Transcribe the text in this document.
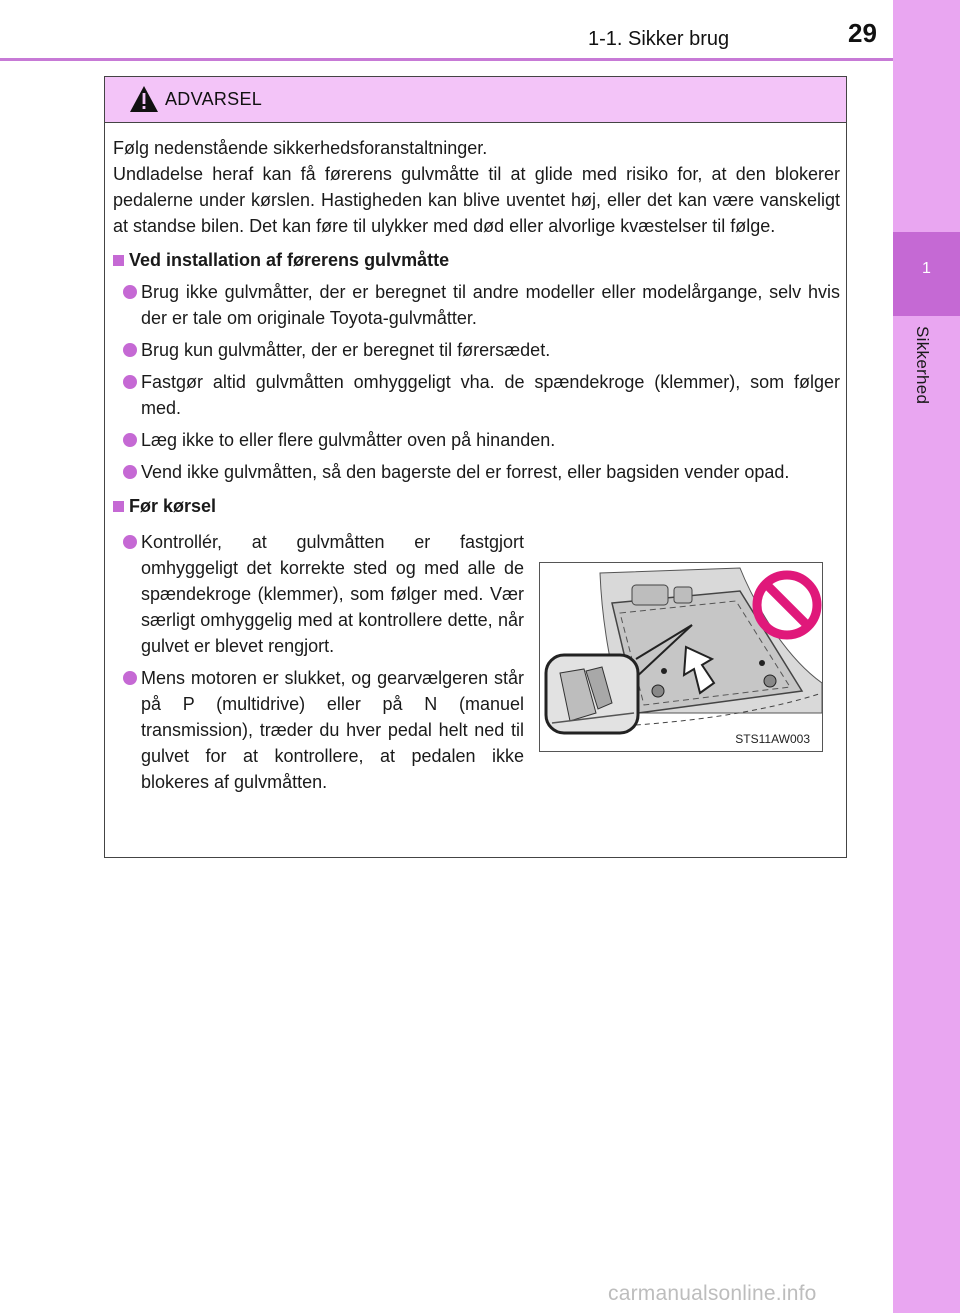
1-1. Sikker brug	29
1
Sikkerhed
ADVARSEL

Følg nedenstående sikkerhedsforanstaltninger.

Undladelse heraf kan få førerens gulvmåtte til at glide med risiko for, at den blokerer pedalerne under kørslen. Hastigheden kan blive uventet høj, eller det kan være vanskeligt at standse bilen. Det kan føre til ulykker med død eller alvorlige kvæstelser til følge.

Ved installation af førerens gulvmåtte
Brug ikke gulvmåtter, der er beregnet til andre modeller eller modelårgange, selv hvis der er tale om originale Toyota-gulvmåtter.
Brug kun gulvmåtter, der er beregnet til førersædet.
Fastgør altid gulvmåtten omhyggeligt vha. de spændekroge (klemmer), som følger med.
Læg ikke to eller flere gulvmåtter oven på hinanden.
Vend ikke gulvmåtten, så den bagerste del er forrest, eller bagsiden vender opad.
Før kørsel
Kontrollér, at gulvmåtten er fastgjort omhyggeligt det korrekte sted og med alle de spændekroge (klemmer), som følger med. Vær særligt omhyggelig med at kontrollere dette, når gulvet er blevet rengjort.
Mens motoren er slukket, og gearvælgeren står på P (multidrive) eller på N (manuel transmission), træder du hver pedal helt ned til gulvet for at kontrollere, at pedalen ikke blokeres af gulvmåtten.
STS11AW003
carmanualsonline.info
